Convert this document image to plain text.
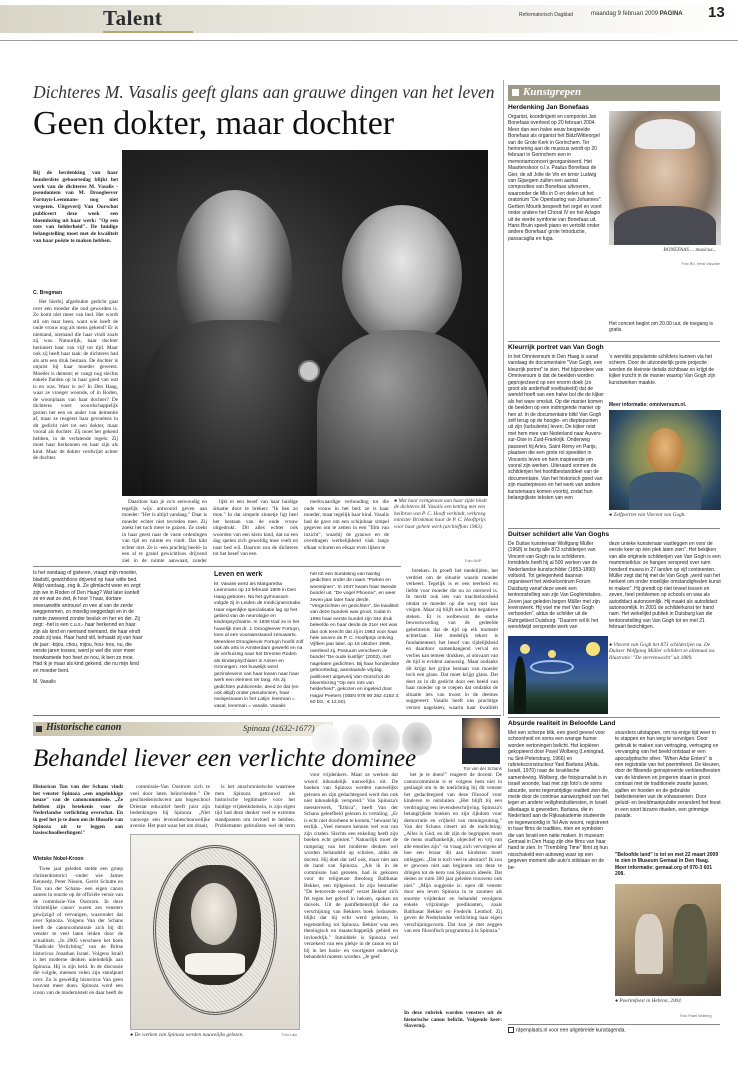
Talent	Reformatorisch Dagblad	maandag 9 februari 2009 PAGINA 13
Dichteres M. Vasalis geeft glans aan grauwe dingen van het leven
Geen dokter, maar dochter
Bij de herdenking van haar honderdste geboortedag blijkt het werk van de dichteres M. Vasalis -pseudoniem van M. Droogleever Fortuyn-Leenmans- nog niet vergeten. Uitgeverij Van Oorschot publiceert deze week een bloemlezing uit haar werk: "Op een rots van helderheid". De huidige belangstelling moet met de kwaliteit van haar poëzie te maken hebben.
C. Bregman

Het hierbij afgedrukte gedicht gaat over een moeder die oud geworden is. Ze komt niet meer van bed. Het wordt stil om haar heen, want wie heeft de oude vrouw nog als mens gekend? Er is niemand, niemand die haar vindt zoals zij was. Natuurlijk, haar dochter herinnert haar van vijf tot tijd. Maar ook zij heeft haar taak: de dichteres had als arts een druk bestaan. De dochter is onjuist bij haar moeder geweest. Moeder is dement; er vangt nog slechts enkele flarden op in haar goed van wat is en was. Waar is ze? In Den Haag, waar ze vroeger woonde, of in Roden, de woonplaats van haar dochter? De dichteres voert woordschappelijk gezien het een en ander van dementie af, maar ze reageert haar gevoelens in dit gedicht niet tot een dokter, maar vooral als dochter. Zij moet het gekend hebben, in de verlatende regels: Zij moet haar herkennen en haar zijn als kind. Maar de dokter verdwijnt achter de dochter.

Daardoor kan je zo'n eenvoudig en tegelijk wijs antwoord geven aan moeder: "Het is altijd vandaag." Daar is moeder echter niet tevreden mee. Zij zoekt het toch meer te gaizen. Ze zoekt in haar geest naar de vaste ordeningen van tijd en ruimte en vindt. Dat kikt echter niet. Ze is -een prachtig beeld- in een al te grand gewichtloos drijvend ziel in de ruimte aanwaait, zonder

lijkt er een besef van haar huidige situatie door te breken: "Ik ben zo moe." In dat simpele zinnetje ligt heel het bestaan van de oude vrouw uitgedrukt. Dit alles echter ook woorden van een klein kind, dat na een dag spelen zich geweldig moe voelt en naar bed wil. Daarom zou de dichteres tot het besef van een

merkwaardige verhouding tot die oude vrouw in het bed: ze is haar moeder, maar tegelijk haar kind. Vasalis had de gave om een schijnbaar simpel gegeven om te zetten in een "film van inzicht", waarbij de grauwe en de overdragen werkelijkheid vlak langs elkaar schuren en elkaar even lijken te

● Met haar echtgenoot aan haar zijde bindt de dichteres M. Vasalis een ketting met een heilbron van P. C. Hooft verbindt, verkreeg minister Brinkman haar de P. C. Hooftprijs voor haar gehele werk (archieffoto 1983).
Foto ANP

breeken. In proeft het medelijden, het verdriet om de situatie waarin moeder verkeert. Tegelijk is er een teerheid en liefde voor moeder die nu zo ontroerd is. In merkt ook iets van machteloosheid omdat ze moeder op die weg niet kan volgen. Maar zij blijft niet in het negatieve steken. Er is welbewust de sterke bewustwording van de gedeelde geheimenis dat de tijd op elk moment achterlaat. Het medelijk tekort is fundamenteel; het besef van tijdelijkheid en daardoor samenhangend verval en verlies kan temeer drukken, al omvaart van de tijd is evident aanwezig. Maar ondanks dit krijgt het grijze bestaan van moeder toch een glans. Dat moet krijgt glans. Dat doet ze in dit gedicht door een beeld van haar moeder op te roepen dat ondanks de situatie iets van troost in de deemes suggereert. Vasalis heeft ons prachtige verzen nagelaten, waarin haar kwaliteit

Is het vandaag of gisteren, vraagt mijn moeder, bladstil, gewichtloos drijvend op haar witte bed. Altijd vandaag, zeg ik. Ze glimlacht weer en zegt: zijn we in Roden of Den Haag? Wat later kantelt ze en wat ze ziet, ik hoor 't haar, dortare sneeuwwitte antrouw! zo vee al van de zerde weggenomen, zo moedig weggedapt en in de ruimte zweeend zonder besluk en her en der. Zij zegt: -het is een c.u.s.- haar herkennd en haar zijn als kind en niemand niemand, die haar eindt zoals zij was. Haar hand stil, terhaakt zij van haar de jaar: -bijou, chou, mijou, hou- tres, nu, die eerste jaren tosses, werd je wel die voor moer toewkamede hoo heet ze nou, ik ben zo moe. Had ik je maar als kind gekend, die nu mijn kind en moeder bent.
M. Vasalis
Leven en werk
M. Vasalis werd als Margaretha Leenmans op 13 februari 1909 in Den Haag geboren. Na het gymnasium volgde zij in Leiden de medicijnenstudie. Haar eigenlijke specialisatie lag op het gebied van de neurologie en kinderpsychiatrie. In 1939 trad ze in het huwelijk met dr. J. Droogleever Fortuyn, toen al een vooraanstaand zenuwarts. Meerdere Droogleever Fortuyn hoofd zolf ook als arts in Amsterdam gewerkt en na de verhuizing naar het Drentse Roden als kinderpsychiater in Assen en Groningen. Het huwelijk werd gezinslevens van haar kwam naar haar werk een element ter lang. Als zij gedichten publiceerde, deed ze dat (en ook altijd) onder pseudoniem, haar meisjesnaam in het Latijn: leenman = vasal, leenman = vasalis. Vasalis
het tot een bundeling van twintig gedichten onder de naam "Parken en woestijnen". In 1947 kwam haar tweede bundel uit, "De vogel Phoenix", en weer zeven jaar later haar derde, "Vergezichten en gezichten". De kwaliteit van deze bundels was groot, zodat in 1994 haar eerste bundel zijn 34e druk beleefde en haar derde de 21e! Het was dan ook terecht dat zij in 1983 voor haar hele oeuvre de P. C. Hooftprijs ontving. Vijftien jaar later, op 16 oktober 1998, overleed zij. Postuum verscheen de bundel "De oude kustlijn" (2002), met nagelaten gedichten. Bij haar honderdste geboortedag, aanstaande vrijdag, publiceert uitgeverij Van Oorschot de bloemlezing "Op een rots van helderheid", gekozen en ingeleid door Hagar Peeters (ISBN 978 90 282 4163 3; 60 blz.; € 12,50).
Kunstgrepen
Herdenking Jan Bonefaas
Organist, koordirigent en componist Jan Bonefaas overleed op 20 februari 2004. Meer dan een halve eeuw bespeelde Bonefaas als organist het Bätz/Witteorgel van de Grote Kerk in Gorinchem. Ter herinnering aan de musicus wordt op 20 februari in Gorinchem een in memoriamconcert georganiseerd. Het Maartenskoor o.l.v. Paulus Bonefaas de Gier, de alt Jolie de Vin en tenor Ludwig van Gijsegem zullen een aantal composities van Bonefaas uitvoeren, waaronder de Mis in D en delen uit het oratorium "De Openbaring van Johannes". Gerben Mourik bespeelt het orgel en voert onder andere het Choral IV en het Adagio uit de vierde symfonie van Bonefaas uit. Hans Bruin speelt piano en vertolkt onder andere Bonefaas' grote Introductie, passacaglia en fuga.
BONEFAAS ... musicus...
Foto RD, Henk Visscher
Het concert begint om 20.00 uur, de toegang is gratis.
Kleurrijk portret van Van Gogh
In het Omniversum in Den Haag is vanaf vandaag de documentaire "Van Gogh, een kleurrijk portret" te zien. Het bijzondere van Omniversum is dat de beelden worden geprojecteerd op een enorm doek (zo groot als anderhalf voetbalveld) dat de wereld hoeft van een halve bol die de kijker als het ware omsluit. Op die manier komen de beelden op een indringende manier op hen af. In de documentaire blikt Van Gogh zelf terug op de hoogte- en dieptepunten uit zijn (turbulente) leven. De kijker reist met hem mee van Nederland naar Auvers-sur-Oise in Zuid-Frankrijk. Onderweg passeert hij Arles, Saint Rémy en Parijs, plaatsen die een grote rol speelden in Vincents leven en hem inspireerde om vooral zijn werken. Uiteraard vormen de schilderijen het hoofdbestanddeel van de documentaire. Van het historisch goed van zijn masterpieces en het werk van andere kunstenaars komen voorbij, zodat hun belangrijkste teksten van een
's werelds populairste schilders kunnen via het scherm. Door de uitzonderlijk grote projectie worden de kleinste details zichtbaar en krijgt de kijker inzicht in de manier waarop Van Gogh zijn kunstwerken maakte.
Meer informatie: omniversum.nl.
● Zelfportret van Vincent van Gogh.
Duitser schildert alle Van Goghs
De Duitse kunstenaar Wolfgang Müller (1968) is bezig alle 873 schilderijen van Vincent van Gogh na te schilderen. Inmiddels heeft hij al 500 werken van de Nederlandse kunstschilder (1853-1890) voltooid. Tot gelegenheid daarvan organiseert het winkelcentrum Forum Duisburg vanaf deze week een tentoonstelling van zijn Van Goghimitaties. Zeven jaar geleden begon Müller met zijn levenswerk. Hij voel me met Van Gogh verbonden", aldus de schilder uit de Ruhrgebied Duisburg. "Daarom wil ik het wereldwijd verspreide werk van
deze unieke kunstenaar vastleggen en voor de eerste keer op één plek laten zien". Het bekijken van alle originele schilderijen van Van Gogh is een mammoetklus: ze hangen verspreid over ruim honderd musea in 27 landen op vijf continenten. Müller zegt dat hij met de Van Gogh „werd van het herkent om onder moeilijke omstandigheden kunst te maken". Hij grendt op niet teveel lessen en zeven, heel problemen op schools en was als autodidact autonoomlijk. Hij maakt als autodidact autonoomlijk. In 2001 de schilderkunst ter hand nam. Het wekelijkd publiek in Duisburg kan die tentoonstelling van Van Gogh tot en met 21 februari bezichtigen.
● Vincent van Gogh het 873 schilderijen na. De Duitser Wolfgang Müller schildert ze allemaal na. Illustratie: "De sterrenwacht" uit 1889.
Absurde realiteit in Beloofde Land
Met een scherpe blik, een goed gevoel voor schoonheid en soms een wrange humor worden vertoningen belicht. Het kopiëren gekopieerd door Pavel Wolberg (Leningrad, nu Sint-Petersburg, 1966) en rubrieksconstructeur Yael Bartana (Afula, Israël, 1970) naar de Israëlische samenleving. Wolberg, die fotojournalist is in Israël woonde, laat met zijn foto's de soms absurde, soms tegenstrijdige realiteit zien die, mede door de continue aanwezigheid van het leger en andere veiligheidsdiensten, in Israël alledaags is geworden. Bartana, die in Nederland aan de Rijksakademie studeerde en tegenwoordig in Tel Aviv woont, registreert in haar films de tradities, riten en symbolen die van Israël een natie maken. In museum Gemaal in Den Haag zijn drie films van haar hand te zien. In "Trembling Time" filmt zij hun nisschakeld een autoweg waar op een gegeven moment alle auto's stilstaan en de be-
stuurders uitstappen, om na enige tijd weer in te stappen en hun weg te vervolgen. Door gebruik te maken van vertraging, vertraging en vervanging van het beeld ontstaat er een apocalyptische sfeer. "When Adar Enters" is een registratie van het poerimfeest. De kleuren, door de flitsende geinspireerde verkleedfeesten van de kinderen en jongeren staan in groot contrast met de traditionele zwarte jassen, sjallen en hoeden en de gebruikte beklederselen van de volwassenen. Door geluid- en beeldmanipulatie veranderd het feest in een soort bizarre rituelen, een grimmige parade.
"Beloofde land" is tot en met 22 maart 2009 te zien in Museum Gemaal in Den Haag. Meer informatie: gemaal.org of 070-3 601 208.
● Poerimfeest in Hebron, 2004.
Foto Pavel Wolberg
rdpenplaats.nl voor een uitgebreide kunstagenda.
Historische canon	Spinoza (1632-1677)
Ton van der Schans
Behandel liever een verlichte dominee
Historicus Ton van der Schans vindt het venster Spinoza „een ongelukkige keuze" van de canoncommissie. „Ze hebben zijn betekenis voor de Nederlandse verlichting overschat. En ik geef het je te doen om de filosofie van Spinoza uit te leggen aan basisschoolleerlingen!"
Wietske Nobel-Kroon

Twee jaar geleden stelde een groep christenhistorici -onder wie James Kennedy, Peter Nissen, Gerrit Schutte en Ton van der Schans- een eigen canon samen in reactie op de officiële versie van de commissie-Van Oostrom. In deze 'christelijke canon' waren zes vensters gewijzigd of vervangen, waaronder dat over Spinoza. Volgens Van der Schans heeft de canoncommissie zich bij dit venster te veel laten leiden door de actualiteit. „In 2005 verscheen het boek "Radicale Verlichting" van de Britse historicus Jonathan Israel. Volgens Israël is het moderne denken uiteindelijk aan Spinoza. Hij is zijn held. In de discussie die volgde, meenen velen zijn standpunt over. Zo is geweldig historicus Van geen houvast meer doen. Spinoza werd een icoon van de modernisteit en daar heeft de

commissie-Van Oostrom zich te veel door laten beïnvloeden." De geschiedenisdocent aan hogeschool Driestar educatief heeft juist zijn bedenkingen bij Spinoza. „Niet vanwege een levensbeschouwelijke aversie. Het punt waar het om draait,

is het anachronistische waarmee men Spinoza getrouwd als historische legitimatie voor het huidige vrijdenkdomein, is zijn eigen tijd had deze denker veel te extreme standpunten om invloed te hebben. Problematen gebruikten wel de term

● De werken van Spinoza werden nauwelijks gelezen.	Foto Lalo

voor vrijdenkers. Maar ze werken dat woord inhoudelijk nauwelijks uit. De boeken van Spinoza werden nauwelijks gelezen en zijn gedachtegoed werd dus ook niet inhoudelijk verspreid." Van Spinoza's meesterwerk, "Ethica", heeft Van der Schans geleefbeid gelezen in vertaling. „Er is echt niet doorheen te komen," bewaart hij eerlijk. „Veel mensen kennen wel wat van zijn citaten. Slechts een enkeling heeft zijn boeken echt gelezen." Natuurlijk moet de rumpslag van het moderne denken wel worden behandeld op scholen, aldus de docent. Hij doet dat zelf ook, maar niet aan de hand van Spinoza. „Als ik in de commissie had gezeten, had ik gekozen voor de religieuze theoloog Balthasar Bekker, een tijdgenoot. In zijn bestseller "De betoverde wereld" verzet Bekker zich fel tegen het geloof in heksen, spoken en duivels. Uit de pamflettenstrijd die na verschijning van Bekkers boek losbarstte, blijkt dat hij echt werd gelezen, in tegenstelling tot Spinoza. Bekker was een theologisch en maatschappelijk gebied en invloedrijk." Inmiddels is Spinoza wel verzekerd van een plekje in de canon en tal bij in het basis- en voortgezet onderwijs behandeld moeten worden. „Je geef

het je te doen!" reageert de docent. De canoncommissie is er volgens hem niet in geslaagd om in de toelichting bij dit venster het gedachtegoed van deze filosoof voor kinderen te ontsluiten. „Het blijft bij een verdringing een levensbeschrijving. Spinoza's belangrijkste boeken en zijn rijkdom voor democratie en vrijheid van meningsuiting." Van der Schans citeert uit de toelichting: „Alles is God, en dit zijn de begrippen moet de mens onafhankelijk, objectief en vrij van alle emoties zijn" -in vraag zich vervolgens af hoe een leraar dit aan kinderen moet uitleggen. „Dat is toch veel te abstract? Ik zou er gewoon niet aan beginnen om deze te dringen tot de kern van Spinoza's ideeën. Dat deden ze ruim 300 jaar geleden trouwens ook niet." „Mijn suggestie is: open dit venster door een leven Spinoza in te zoomen als enorme vrijdenker en behandel verolgens enkele vrijzinnige predikanten, zoals Balthasar Bekker en Frederik Lenthof. Zij geven de Nederlandse verlichting haar eigen verschijningsvorm. Dat kun je met zeggen van een filosofisch programma à la Spinoza."

In deze rubriek worden vensters uit de historische canon belicht. Volgende keer: Slavernij.
